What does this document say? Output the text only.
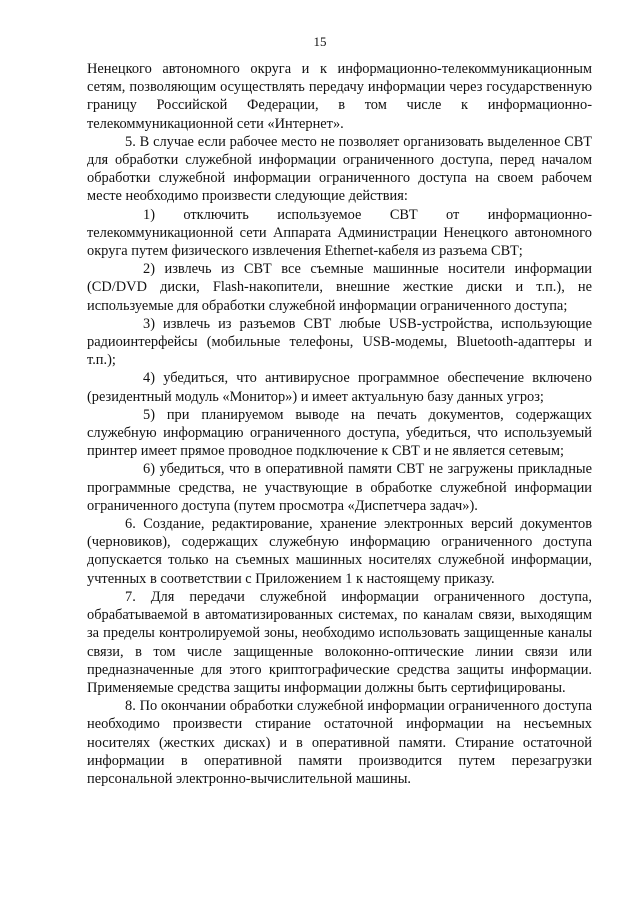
15

Ненецкого автономного округа и к информационно-телекоммуникационным сетям, позволяющим осуществлять передачу информации через государственную границу Российской Федерации, в том числе к информационно-телекоммуникационной сети «Интернет».

5. В случае если рабочее место не позволяет организовать выделенное СВТ для обработки служебной информации ограниченного доступа, перед началом обработки служебной информации ограниченного доступа на своем рабочем месте необходимо произвести следующие действия:

1) отключить используемое СВТ от информационно-телекоммуникационной сети Аппарата Администрации Ненецкого автономного округа путем физического извлечения Ethernet-кабеля из разъема СВТ;

2) извлечь из СВТ все съемные машинные носители информации (CD/DVD диски, Flash-накопители, внешние жесткие диски и т.п.), не используемые для обработки служебной информации ограниченного доступа;

3) извлечь из разъемов СВТ любые USB-устройства, использующие радиоинтерфейсы (мобильные телефоны, USB-модемы, Bluetooth-адаптеры и т.п.);

4) убедиться, что антивирусное программное обеспечение включено (резидентный модуль «Монитор») и имеет актуальную базу данных угроз;

5) при планируемом выводе на печать документов, содержащих служебную информацию ограниченного доступа, убедиться, что используемый принтер имеет прямое проводное подключение к СВТ и не является сетевым;

6) убедиться, что в оперативной памяти СВТ не загружены прикладные программные средства, не участвующие в обработке служебной информации ограниченного доступа (путем просмотра «Диспетчера задач»).

6. Создание, редактирование, хранение электронных версий документов (черновиков), содержащих служебную информацию ограниченного доступа допускается только на съемных машинных носителях служебной информации, учтенных в соответствии с Приложением 1 к настоящему приказу.

7. Для передачи служебной информации ограниченного доступа, обрабатываемой в автоматизированных системах, по каналам связи, выходящим за пределы контролируемой зоны, необходимо использовать защищенные каналы связи, в том числе защищенные волоконно-оптические линии связи или предназначенные для этого криптографические средства защиты информации. Применяемые средства защиты информации должны быть сертифицированы.

8. По окончании обработки служебной информации ограниченного доступа необходимо произвести стирание остаточной информации на несъемных носителях (жестких дисках) и в оперативной памяти. Стирание остаточной информации в оперативной памяти производится путем перезагрузки персональной электронно-вычислительной машины.
